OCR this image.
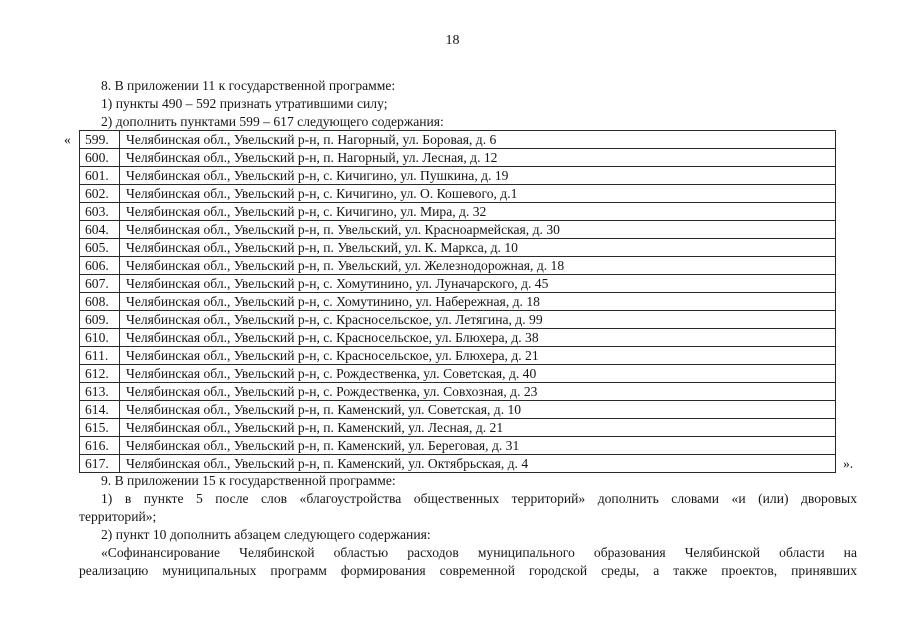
18
8. В приложении 11 к государственной программе:
1) пункты 490 – 592 признать утратившими силу;
2) дополнить пунктами 599 – 617 следующего содержания:
« 599.	Челябинская обл., Увельский р-н, п. Нагорный, ул. Боровая, д. 6
600.	Челябинская обл., Увельский р-н, п. Нагорный, ул. Лесная, д. 12
601.	Челябинская обл., Увельский р-н, с. Кичигино, ул. Пушкина, д. 19
602.	Челябинская обл., Увельский р-н, с. Кичигино, ул. О. Кошевого, д.1
603.	Челябинская обл., Увельский р-н, с. Кичигино, ул. Мира, д. 32
604.	Челябинская обл., Увельский р-н, п. Увельский, ул. Красноармейская, д. 30
605.	Челябинская обл., Увельский р-н, п. Увельский, ул. К. Маркса, д. 10
606.	Челябинская обл., Увельский р-н, п. Увельский, ул. Железнодорожная, д. 18
607.	Челябинская обл., Увельский р-н, с. Хомутинино, ул. Луначарского, д. 45
608.	Челябинская обл., Увельский р-н, с. Хомутинино, ул. Набережная, д. 18
609.	Челябинская обл., Увельский р-н, с. Красносельское, ул. Летягина, д. 99
610.	Челябинская обл., Увельский р-н, с. Красносельское, ул. Блюхера, д. 38
611.	Челябинская обл., Увельский р-н, с. Красносельское, ул. Блюхера, д. 21
612.	Челябинская обл., Увельский р-н, с. Рождественка, ул. Советская, д. 40
613.	Челябинская обл., Увельский р-н, с. Рождественка, ул. Совхозная, д. 23
614.	Челябинская обл., Увельский р-н, п. Каменский, ул. Советская, д. 10
615.	Челябинская обл., Увельский р-н, п. Каменский, ул. Лесная, д. 21
616.	Челябинская обл., Увельский р-н, п. Каменский, ул. Береговая, д. 31
617.	Челябинская обл., Увельский р-н, п. Каменский, ул. Октябрьская, д. 4	».
9. В приложении 15 к государственной программе:
1) в пункте 5 после слов «благоустройства общественных территорий» дополнить словами «и (или) дворовых
территорий»;
2) пункт 10 дополнить абзацем следующего содержания:
«Софинансирование Челябинской областью расходов муниципального образования Челябинской области на
реализацию муниципальных программ формирования современной городской среды, а также проектов, принявших
